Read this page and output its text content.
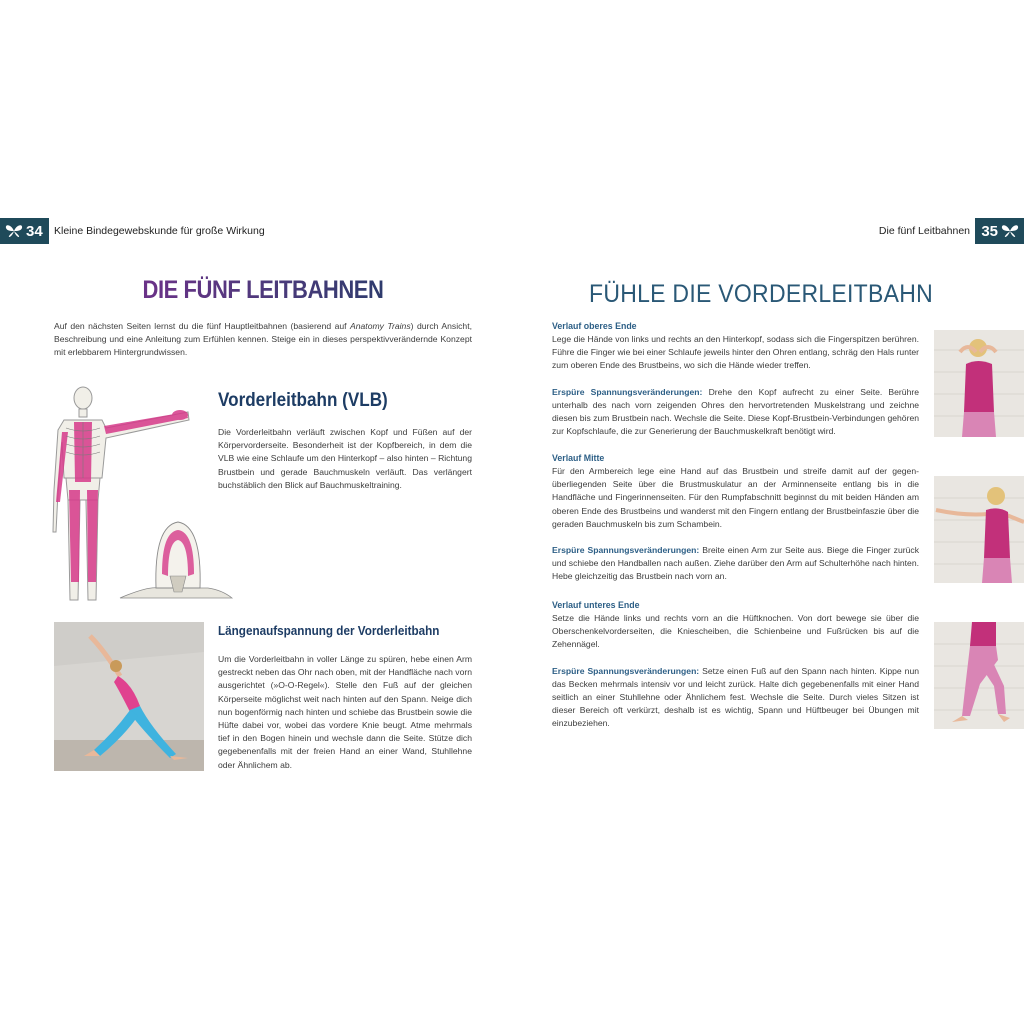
34 Kleine Bindegewebskunde für große Wirkung	Die fünf Leitbahnen 35
DIE FÜNF LEITBAHNEN
Auf den nächsten Seiten lernst du die fünf Hauptleitbahnen (basierend auf Anatomy Trains) durch Ansicht, Beschreibung und eine Anleitung zum Erfühlen kennen. Steige ein in dieses perspektivverändernde Konzept mit erlebbarem Hintergrundwissen.
Vorderleitbahn (VLB)
Die Vorderleitbahn verläuft zwischen Kopf und Füßen auf der Körpervorderseite. Besonderheit ist der Kopfbereich, in dem die VLB wie eine Schlaufe um den Hinterkopf – also hinten – Richtung Brustbein und gerade Bauchmuskeln verläuft. Das verlängert buchstäblich den Blick auf Bauchmuskeltraining.
Längenaufspannung der Vorderleitbahn
Um die Vorderleitbahn in voller Länge zu spüren, hebe einen Arm gestreckt neben das Ohr nach oben, mit der Handfläche nach vorn ausgerichtet (»O-O-Regel«). Stelle den Fuß auf der gleichen Körperseite möglichst weit nach hinten auf den Spann. Neige dich nun bogenförmig nach hinten und schiebe das Brustbein sowie die Hüfte dabei vor, wobei das vordere Knie beugt. Atme mehrmals tief in den Bogen hinein und wechsle dann die Seite. Stütze dich gegebenenfalls mit der freien Hand an einer Wand, Stuhllehne oder Ähnlichem ab.
FÜHLE DIE VORDERLEITBAHN
Verlauf oberes Ende
Lege die Hände von links und rechts an den Hinterkopf, sodass sich die Fingerspitzen berühren. Führe die Finger wie bei einer Schlaufe jeweils hinter den Ohren entlang, schräg den Hals runter zum oberen Ende des Brustbeins, wo sich die Hände wieder treffen.
Erspüre Spannungsveränderungen: Drehe den Kopf aufrecht zu einer Seite. Berühre unterhalb des nach vorn zeigenden Ohres den hervortretenden Muskelstrang und zeichne diesen bis zum Brustbein nach. Wechsle die Seite. Diese Kopf-Brustbein-Verbindungen gehören zur Kopfschlaufe, die zur Generierung der Bauchmuskelkraft benötigt wird.
Verlauf Mitte
Für den Armbereich lege eine Hand auf das Brustbein und streife damit auf der gegenüberliegenden Seite über die Brustmuskulatur an der Arminnenseite entlang bis in die Handfläche und Fingerinnenseiten. Für den Rumpfabschnitt beginnst du mit beiden Händen am oberen Ende des Brustbeins und wanderst mit den Fingern entlang der Brustbeinfaszie über die geraden Bauchmuskeln bis zum Schambein.
Erspüre Spannungsveränderungen: Breite einen Arm zur Seite aus. Biege die Finger zurück und schiebe den Handballen nach außen. Ziehe darüber den Arm auf Schulterhöhe nach hinten. Hebe gleichzeitig das Brustbein nach vorn an.
Verlauf unteres Ende
Setze die Hände links und rechts vorn an die Hüftknochen. Von dort bewege sie über die Oberschenkelvorderseiten, die Kniescheiben, die Schienbeine und Fußrücken bis auf die Zehennägel.
Erspüre Spannungsveränderungen: Setze einen Fuß auf den Spann nach hinten. Kippe nun das Becken mehrmals intensiv vor und leicht zurück. Halte dich gegebenenfalls mit einer Hand seitlich an einer Stuhllehne oder Ähnlichem fest. Wechsle die Seite. Durch vieles Sitzen ist dieser Bereich oft verkürzt, deshalb ist es wichtig, Spann und Hüftbeuger bei Übungen mit einzubeziehen.
